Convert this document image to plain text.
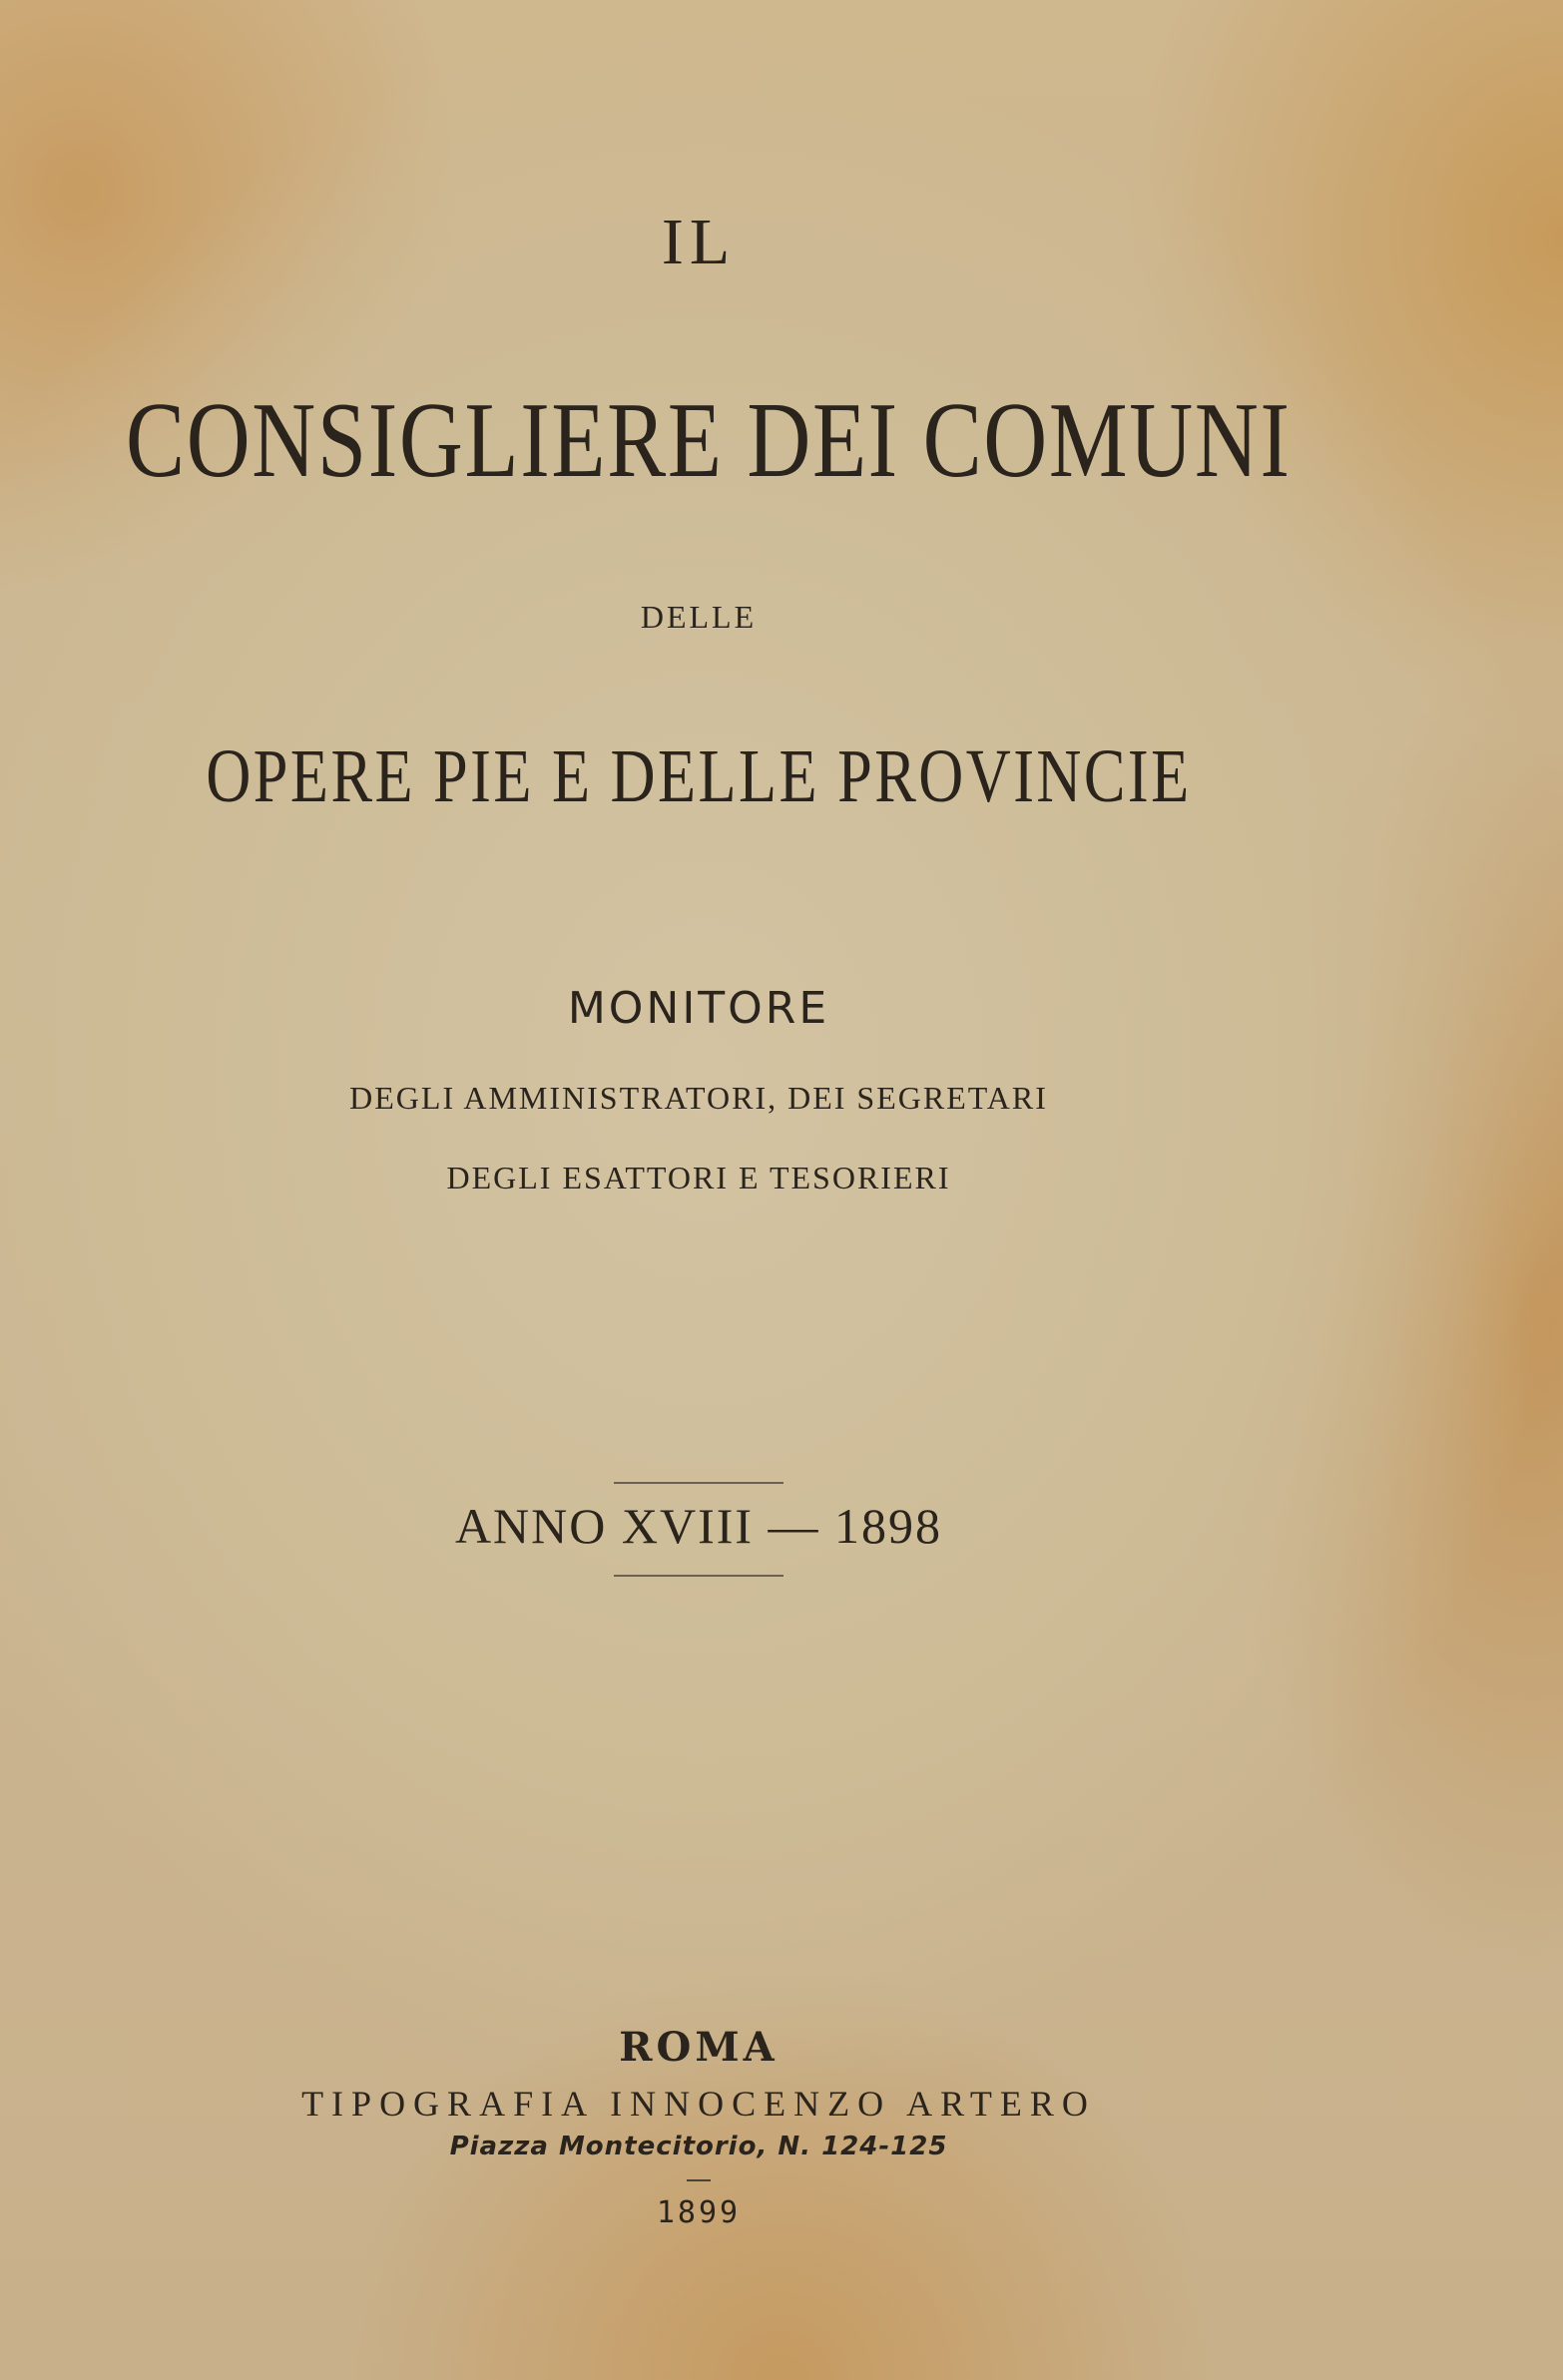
IL
CONSIGLIERE DEI COMUNI
DELLE
OPERE PIE E DELLE PROVINCIE
MONITORE
DEGLI AMMINISTRATORI, DEI SEGRETARI
DEGLI ESATTORI E TESORIERI
ANNO XVIII — 1898
ROMA
TIPOGRAFIA INNOCENZO ARTERO
Piazza Montecitorio, N. 124-125
1899
